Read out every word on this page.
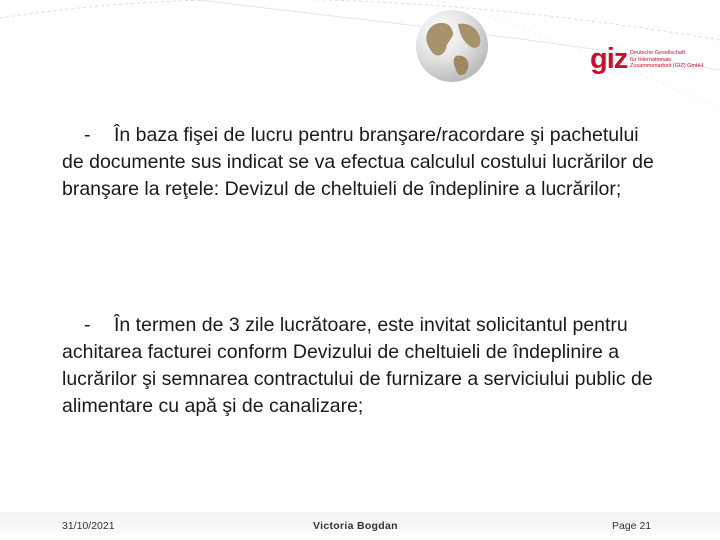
giz Deutsche Gesellschaft
für Internationale
Zusammenarbeit (GIZ) GmbH
- În baza fişei de lucru pentru branşare/racordare şi pachetului de documente sus indicat se va efectua calculul costului lucrărilor de branşare la reţele: Devizul de cheltuieli de îndeplinire a lucrărilor;
- În termen de 3 zile lucrătoare, este invitat solicitantul pentru achitarea facturei conform Devizului de cheltuieli de îndeplinire a lucrărilor şi semnarea contractului de furnizare a serviciului public de alimentare cu apă şi de canalizare;
31/10/2021	Victoria Bogdan	Page 21
